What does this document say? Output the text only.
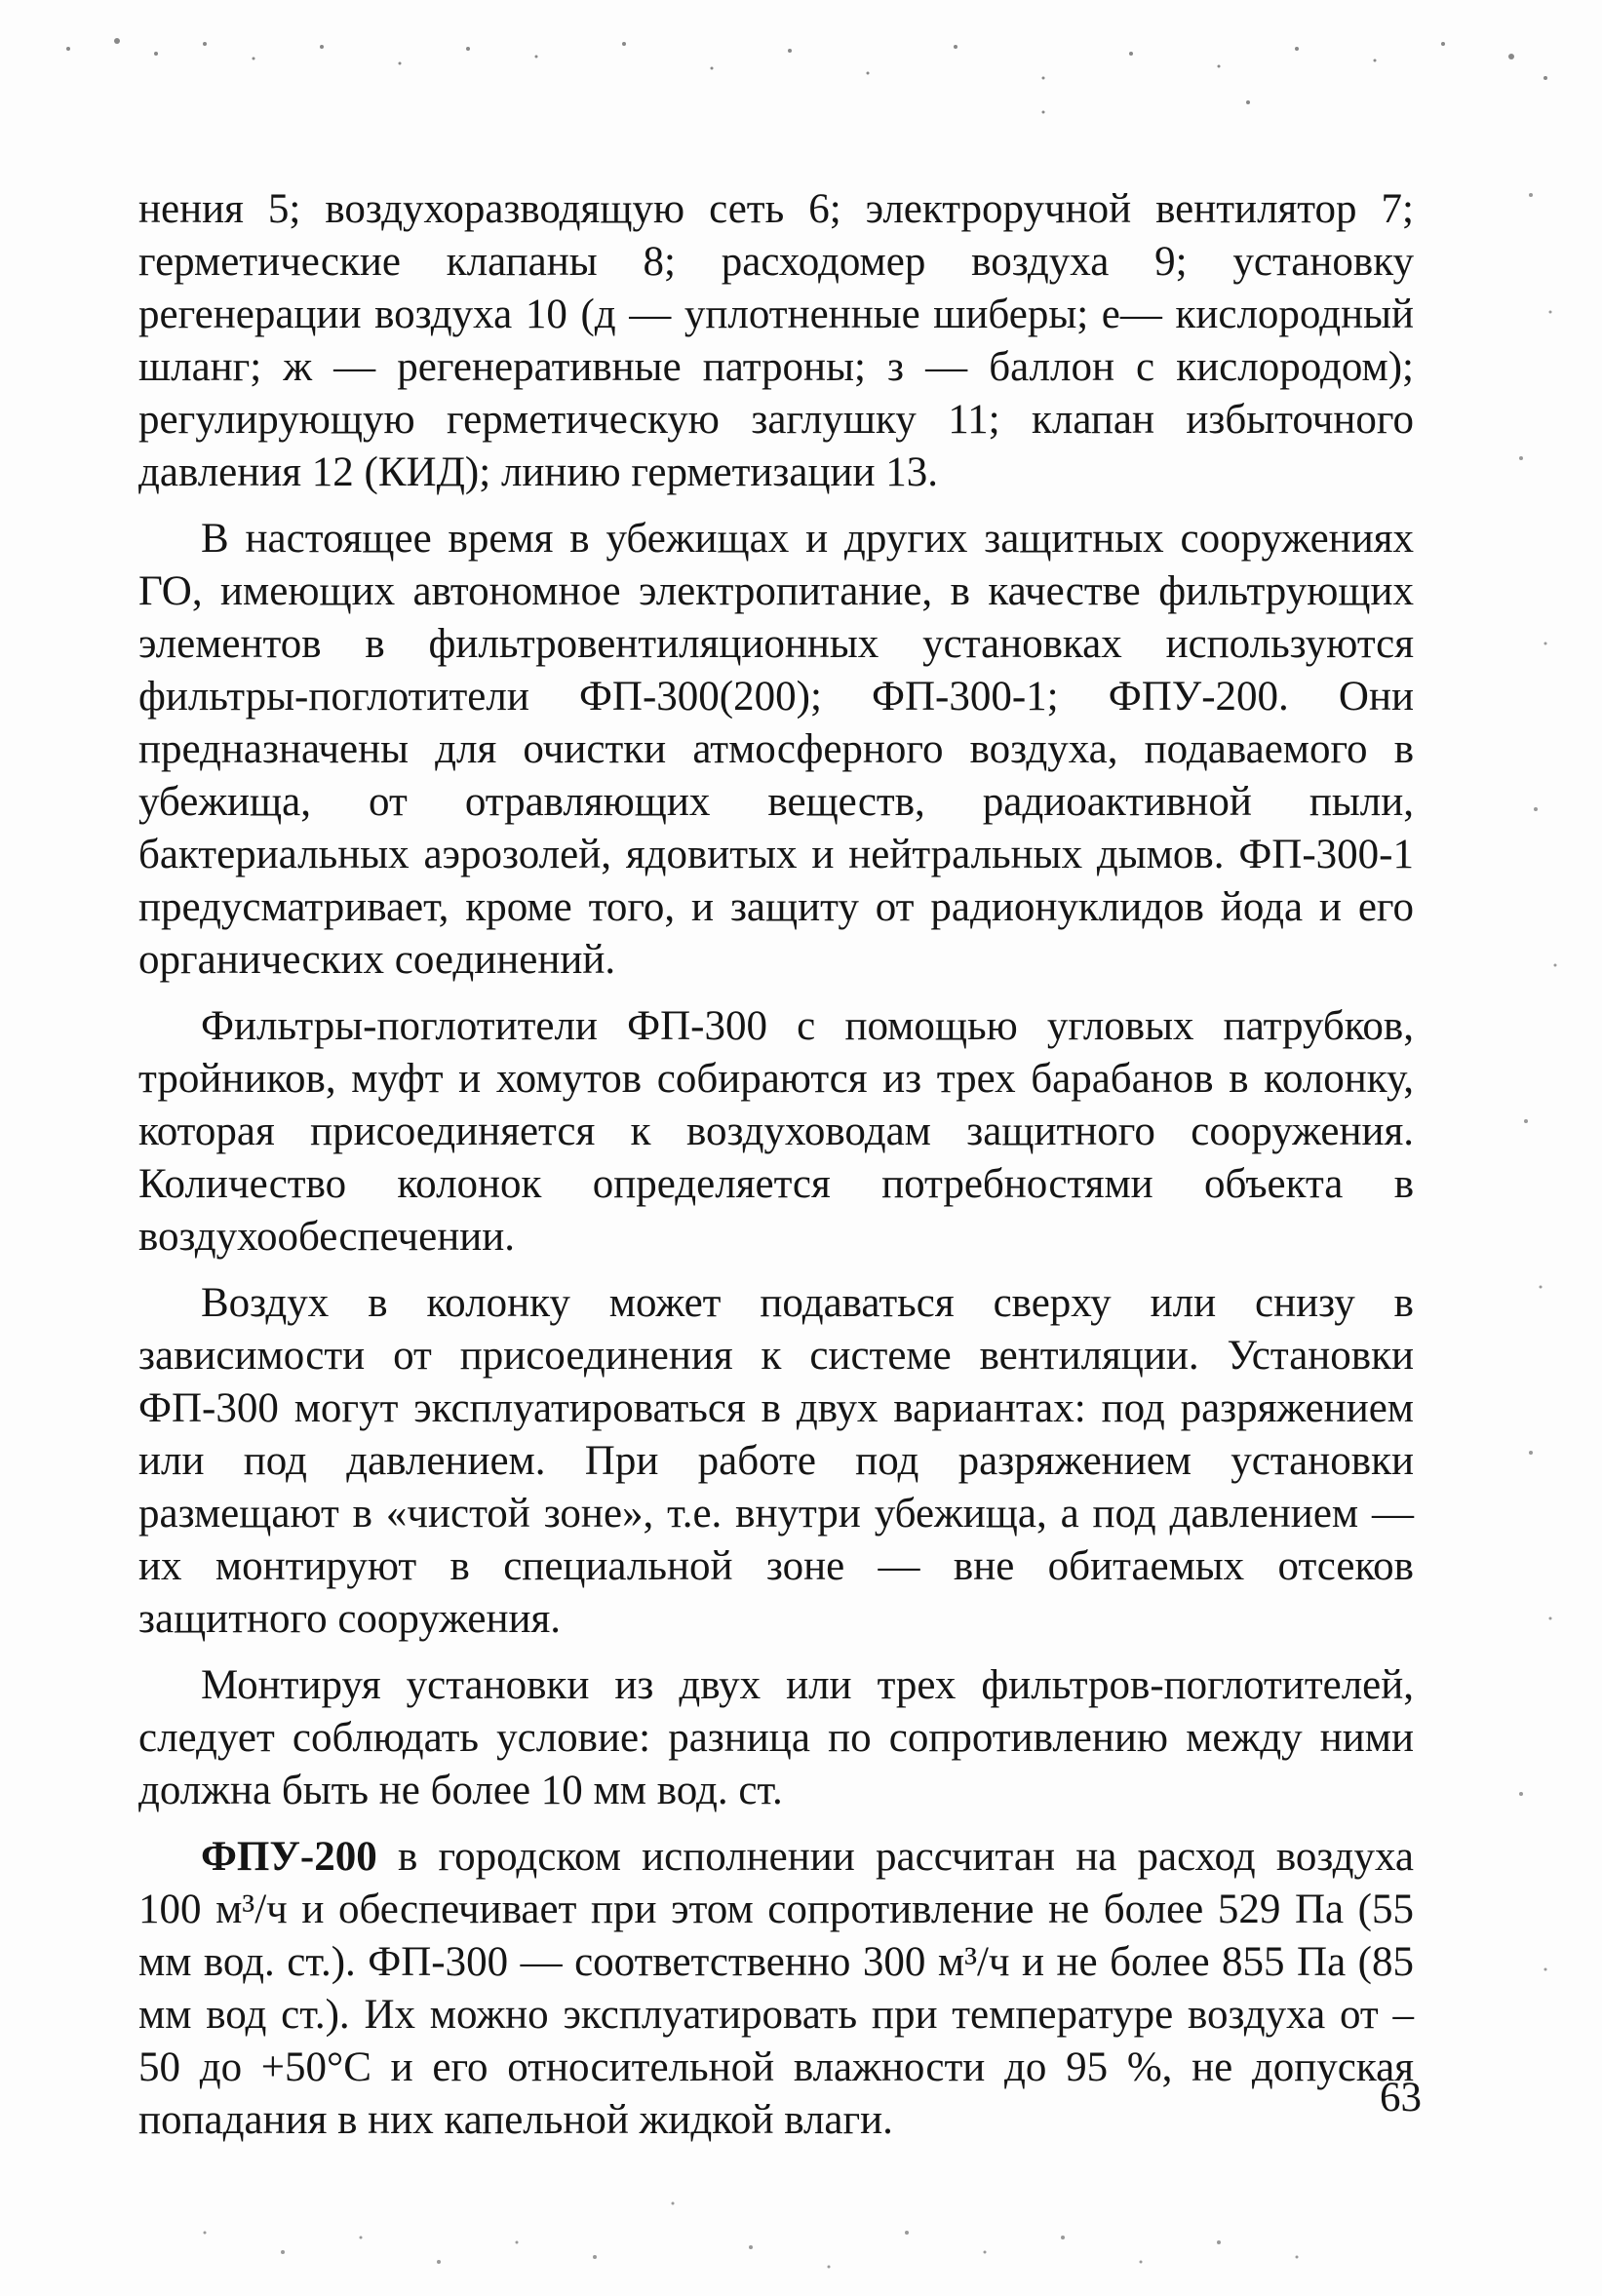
нения 5; воздухоразводящую сеть 6; электроручной вентилятор 7; герметические клапаны 8; расходомер воздуха 9; установку регенерации воздуха 10 (д — уплотненные шиберы; е— кислородный шланг; ж — регенеративные патроны; з — баллон с кислородом); регулирующую герметическую заглушку 11; клапан избыточного давления 12 (КИД); линию герметизации 13.

В настоящее время в убежищах и других защитных сооружениях ГО, имеющих автономное электропитание, в качестве фильтрующих элементов в фильтровентиляционных установках используются фильтры-поглотители ФП-300(200); ФП-300-1; ФПУ-200. Они предназначены для очистки атмосферного воздуха, подаваемого в убежища, от отравляющих веществ, радиоактивной пыли, бактериальных аэрозолей, ядовитых и нейтральных дымов. ФП-300-1 предусматривает, кроме того, и защиту от радионуклидов йода и его органических соединений.

Фильтры-поглотители ФП-300 с помощью угловых патрубков, тройников, муфт и хомутов собираются из трех барабанов в колонку, которая присоединяется к воздуховодам защитного сооружения. Количество колонок определяется потребностями объекта в воздухообеспечении.

Воздух в колонку может подаваться сверху или снизу в зависимости от присоединения к системе вентиляции. Установки ФП-300 могут эксплуатироваться в двух вариантах: под разряжением или под давлением. При работе под разряжением установки размещают в «чистой зоне», т.е. внутри убежища, а под давлением — их монтируют в специальной зоне — вне обитаемых отсеков защитного сооружения.

Монтируя установки из двух или трех фильтров-поглотителей, следует соблюдать условие: разница по сопротивлению между ними должна быть не более 10 мм вод. ст.

ФПУ-200 в городском исполнении рассчитан на расход воздуха 100 м³/ч и обеспечивает при этом сопротивление не более 529 Па (55 мм вод. ст.). ФП-300 — соответственно 300 м³/ч и не более 855 Па (85 мм вод ст.). Их можно эксплуатировать при температуре воздуха от –50 до +50°С и его относительной влажности до 95 %, не допуская попадания в них капельной жидкой влаги.	63
